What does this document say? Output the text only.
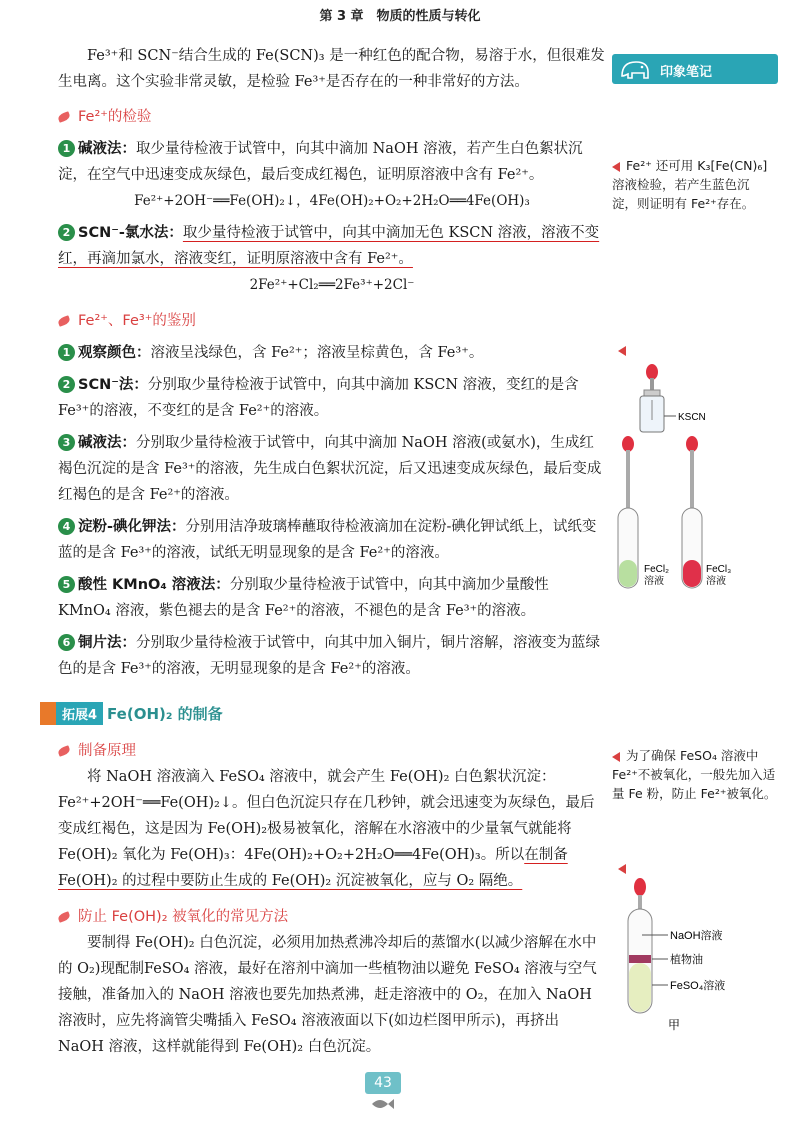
第 3 章　物质的性质与转化
印象笔记

Fe³⁺和 SCN⁻结合生成的 Fe(SCN)₃ 是一种红色的配合物，易溶于水，但很难发生电离。这个实验非常灵敏，是检验 Fe³⁺是否存在的一种非常好的方法。

Fe²⁺的检验

1 碱液法：取少量待检液于试管中，向其中滴加 NaOH 溶液，若产生白色絮状沉淀，在空气中迅速变成灰绿色，最后变成红褐色，证明原溶液中含有 Fe²⁺。

Fe²⁺+2OH⁻══Fe(OH)₂↓，4Fe(OH)₂+O₂+2H₂O══4Fe(OH)₃

2 SCN⁻-氯水法：取少量待检液于试管中，向其中滴加无色 KSCN 溶液，溶液不变红，再滴加氯水，溶液变红，证明原溶液中含有 Fe²⁺。

2Fe²⁺+Cl₂══2Fe³⁺+2Cl⁻

Fe²⁺ 还可用 K₃[Fe(CN)₆]溶液检验，若产生蓝色沉淀，则证明有 Fe²⁺存在。
Fe²⁺、Fe³⁺的鉴别

1 观察颜色：溶液呈浅绿色，含 Fe²⁺；溶液呈棕黄色，含 Fe³⁺。

2 SCN⁻法：分别取少量待检液于试管中，向其中滴加 KSCN 溶液，变红的是含 Fe³⁺的溶液，不变红的是含 Fe²⁺的溶液。

3 碱液法：分别取少量待检液于试管中，向其中滴加 NaOH 溶液(或氨水)，生成红褐色沉淀的是含 Fe³⁺的溶液，先生成白色絮状沉淀，后又迅速变成灰绿色，最后变成红褐色的是含 Fe²⁺的溶液。

4 淀粉-碘化钾法：分别用洁净玻璃棒蘸取待检液滴加在淀粉-碘化钾试纸上，试纸变蓝的是含 Fe³⁺的溶液，试纸无明显现象的是含 Fe²⁺的溶液。

5 酸性 KMnO₄ 溶液法：分别取少量待检液于试管中，向其中滴加少量酸性 KMnO₄ 溶液，紫色褪去的是含 Fe²⁺的溶液，不褪色的是含 Fe³⁺的溶液。

6 铜片法：分别取少量待检液于试管中，向其中加入铜片，铜片溶解，溶液变为蓝绿色的是含 Fe³⁺的溶液，无明显现象的是含 Fe²⁺的溶液。

KSCN
FeCl₂
溶液
FeCl₃
溶液
拓展4 Fe(OH)₂ 的制备
制备原理

将 NaOH 溶液滴入 FeSO₄ 溶液中，就会产生 Fe(OH)₂ 白色絮状沉淀：Fe²⁺+2OH⁻══Fe(OH)₂↓。但白色沉淀只存在几秒钟，就会迅速变为灰绿色，最后变成红褐色，这是因为 Fe(OH)₂极易被氧化，溶解在水溶液中的少量氧气就能将 Fe(OH)₂ 氧化为 Fe(OH)₃：4Fe(OH)₂+O₂+2H₂O══4Fe(OH)₃。所以在制备 Fe(OH)₂ 的过程中要防止生成的 Fe(OH)₂ 沉淀被氧化，应与 O₂ 隔绝。

为了确保 FeSO₄ 溶液中 Fe²⁺不被氧化，一般先加入适量 Fe 粉，防止 Fe²⁺被氧化。
防止 Fe(OH)₂ 被氧化的常见方法

要制得 Fe(OH)₂ 白色沉淀，必须用加热煮沸冷却后的蒸馏水(以减少溶解在水中的 O₂)现配制FeSO₄ 溶液，最好在溶剂中滴加一些植物油以避免 FeSO₄ 溶液与空气接触，准备加入的 NaOH 溶液也要先加热煮沸，赶走溶液中的 O₂，在加入 NaOH 溶液时，应先将滴管尖嘴插入 FeSO₄ 溶液液面以下(如边栏图甲所示)，再挤出 NaOH 溶液，这样就能得到 Fe(OH)₂ 白色沉淀。

NaOH溶液
植物油
FeSO₄溶液
甲
43
